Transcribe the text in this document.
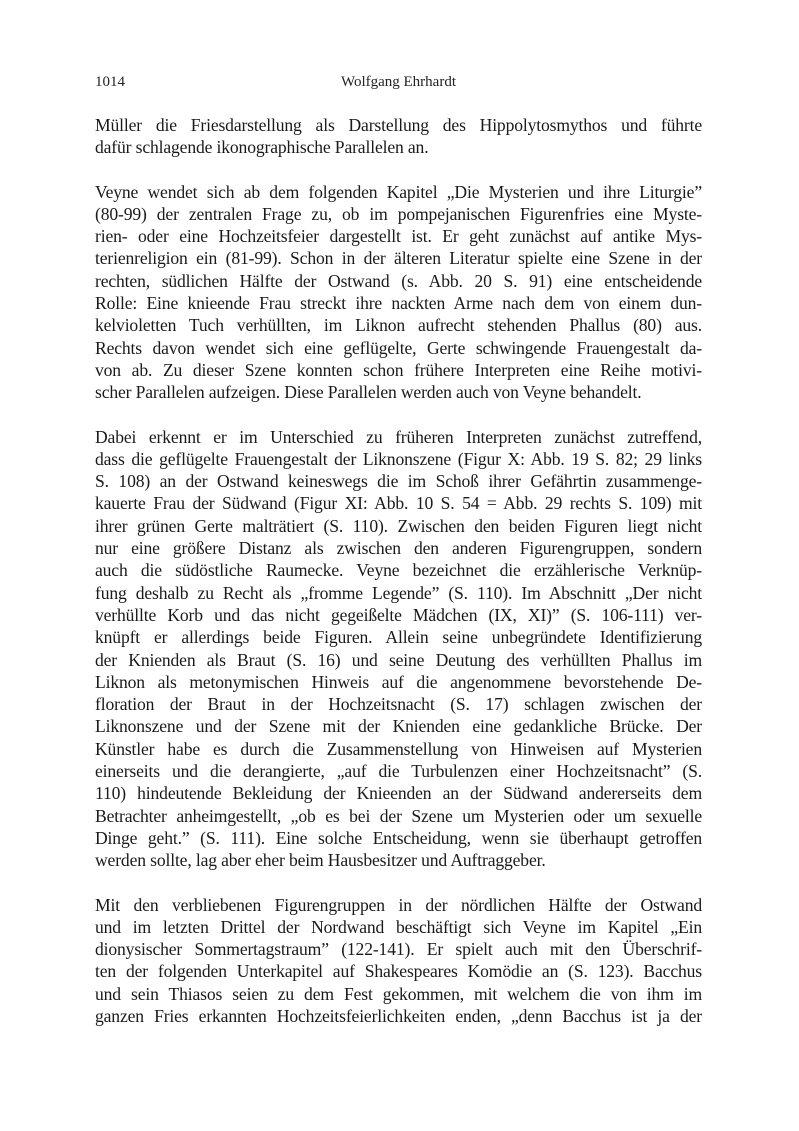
1014	Wolfgang Ehrhardt

Müller die Friesdarstellung als Darstellung des Hippolytosmythos und führte
dafür schlagende ikonographische Parallelen an.

Veyne wendet sich ab dem folgenden Kapitel „Die Mysterien und ihre Liturgie”
(80-99) der zentralen Frage zu, ob im pompejanischen Figurenfries eine Myste-
rien- oder eine Hochzeitsfeier dargestellt ist. Er geht zunächst auf antike Mys-
terienreligion ein (81-99). Schon in der älteren Literatur spielte eine Szene in der
rechten, südlichen Hälfte der Ostwand (s. Abb. 20 S. 91) eine entscheidende
Rolle: Eine knieende Frau streckt ihre nackten Arme nach dem von einem dun-
kelvioletten Tuch verhüllten, im Liknon aufrecht stehenden Phallus (80) aus.
Rechts davon wendet sich eine geflügelte, Gerte schwingende Frauengestalt da-
von ab. Zu dieser Szene konnten schon frühere Interpreten eine Reihe motivi-
scher Parallelen aufzeigen. Diese Parallelen werden auch von Veyne behandelt.

Dabei erkennt er im Unterschied zu früheren Interpreten zunächst zutreffend,
dass die geflügelte Frauengestalt der Liknonszene (Figur X: Abb. 19 S. 82; 29 links
S. 108) an der Ostwand keineswegs die im Schoß ihrer Gefährtin zusammenge-
kauerte Frau der Südwand (Figur XI: Abb. 10 S. 54 = Abb. 29 rechts S. 109) mit
ihrer grünen Gerte malträtiert (S. 110). Zwischen den beiden Figuren liegt nicht
nur eine größere Distanz als zwischen den anderen Figurengruppen, sondern
auch die südöstliche Raumecke. Veyne bezeichnet die erzählerische Verknüp-
fung deshalb zu Recht als „fromme Legende” (S. 110). Im Abschnitt „Der nicht
verhüllte Korb und das nicht gegeißelte Mädchen (IX, XI)” (S. 106-111) ver-
knüpft er allerdings beide Figuren. Allein seine unbegründete Identifizierung
der Knienden als Braut (S. 16) und seine Deutung des verhüllten Phallus im
Liknon als metonymischen Hinweis auf die angenommene bevorstehende De-
floration der Braut in der Hochzeitsnacht (S. 17) schlagen zwischen der
Liknonszene und der Szene mit der Knienden eine gedankliche Brücke. Der
Künstler habe es durch die Zusammenstellung von Hinweisen auf Mysterien
einerseits und die derangierte, „auf die Turbulenzen einer Hochzeitsnacht” (S.
110) hindeutende Bekleidung der Knieenden an der Südwand andererseits dem
Betrachter anheimgestellt, „ob es bei der Szene um Mysterien oder um sexuelle
Dinge geht.” (S. 111). Eine solche Entscheidung, wenn sie überhaupt getroffen
werden sollte, lag aber eher beim Hausbesitzer und Auftraggeber.

Mit den verbliebenen Figurengruppen in der nördlichen Hälfte der Ostwand
und im letzten Drittel der Nordwand beschäftigt sich Veyne im Kapitel „Ein
dionysischer Sommertagstraum” (122-141). Er spielt auch mit den Überschrif-
ten der folgenden Unterkapitel auf Shakespeares Komödie an (S. 123). Bacchus
und sein Thiasos seien zu dem Fest gekommen, mit welchem die von ihm im
ganzen Fries erkannten Hochzeitsfeierlichkeiten enden, „denn Bacchus ist ja der
